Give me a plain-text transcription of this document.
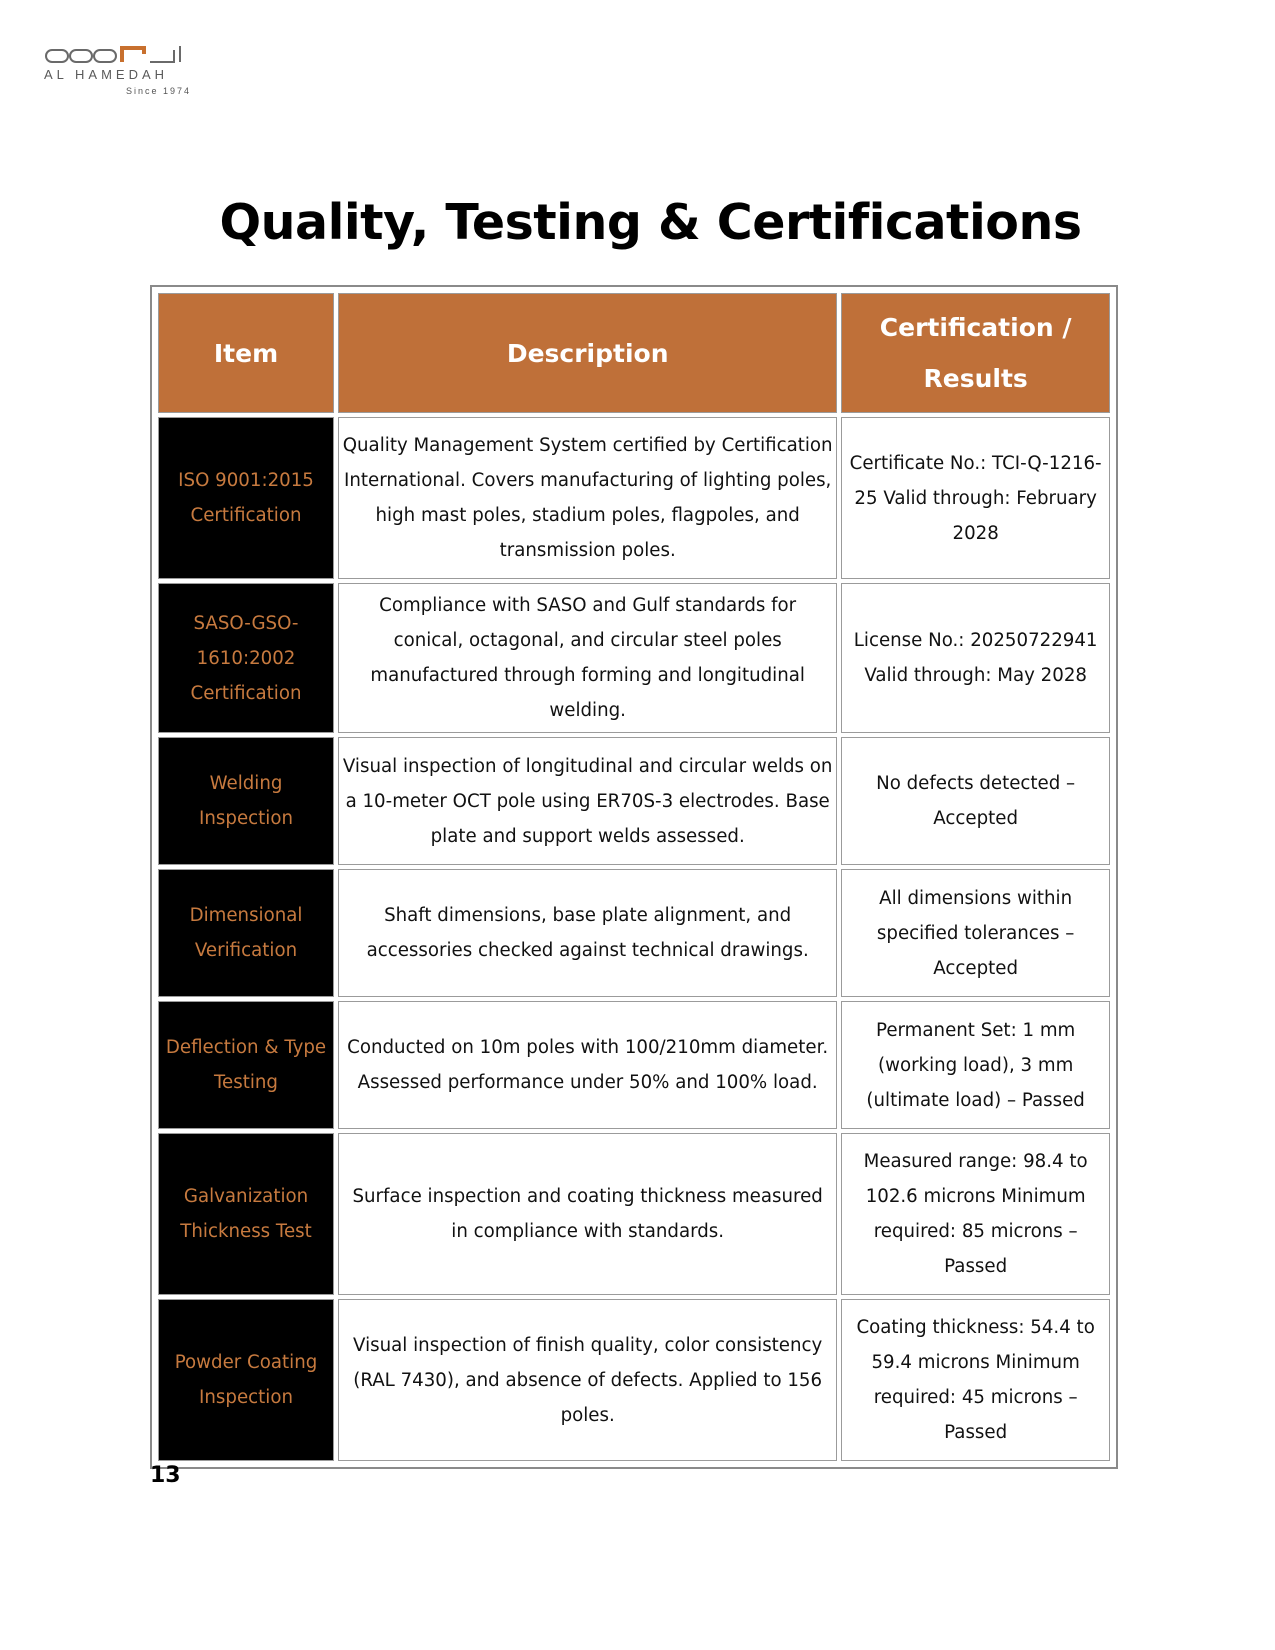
AL HAMEDAH
Since 1974
Quality, Testing & Certifications
Item	Description	Certification / Results
ISO 9001:2015 Certification	Quality Management System certified by Certification International. Covers manufacturing of lighting poles, high mast poles, stadium poles, flagpoles, and transmission poles.	Certificate No.: TCI-Q-1216-25 Valid through: February 2028
SASO-GSO-1610:2002 Certification	Compliance with SASO and Gulf standards for conical, octagonal, and circular steel poles manufactured through forming and longitudinal welding.	License No.: 20250722941 Valid through: May 2028
Welding Inspection	Visual inspection of longitudinal and circular welds on a 10-meter OCT pole using ER70S-3 electrodes. Base plate and support welds assessed.	No defects detected – Accepted
Dimensional Verification	Shaft dimensions, base plate alignment, and accessories checked against technical drawings.	All dimensions within specified tolerances – Accepted
Deflection & Type Testing	Conducted on 10m poles with 100/210mm diameter. Assessed performance under 50% and 100% load.	Permanent Set: 1 mm (working load), 3 mm (ultimate load) – Passed
Galvanization Thickness Test	Surface inspection and coating thickness measured in compliance with standards.	Measured range: 98.4 to 102.6 microns Minimum required: 85 microns – Passed
Powder Coating Inspection	Visual inspection of finish quality, color consistency (RAL 7430), and absence of defects. Applied to 156 poles.	Coating thickness: 54.4 to 59.4 microns Minimum required: 45 microns – Passed
13
